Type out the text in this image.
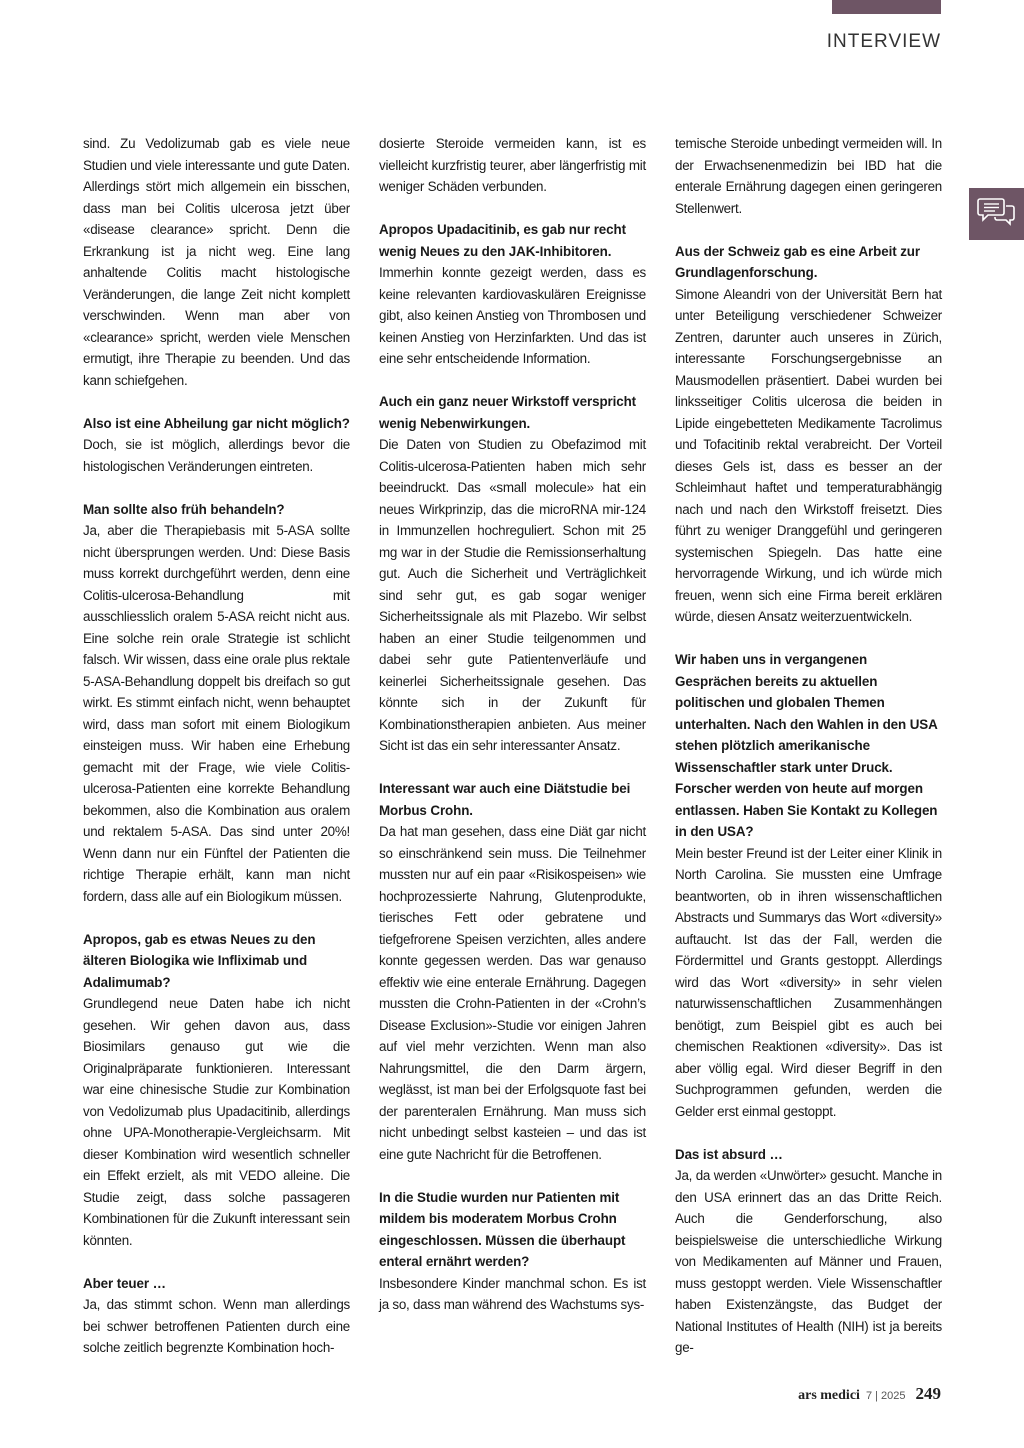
INTERVIEW

sind. Zu Vedolizumab gab es viele neue Studien und viele interessante und gute Daten. Allerdings stört mich allgemein ein bisschen, dass man bei Colitis ulcerosa jetzt über «disease clearance» spricht. Denn die Erkrankung ist ja nicht weg. Eine lang anhaltende Colitis macht histologische Veränderungen, die lange Zeit nicht komplett verschwinden. Wenn man aber von «clearance» spricht, werden viele Menschen ermutigt, ihre Therapie zu beenden. Und das kann schiefgehen.

Also ist eine Abheilung gar nicht möglich?

Doch, sie ist möglich, allerdings bevor die histologischen Veränderungen eintreten.

Man sollte also früh behandeln?

Ja, aber die Therapiebasis mit 5-ASA sollte nicht übersprungen werden. Und: Diese Basis muss korrekt durchgeführt werden, denn eine Colitis-ulcerosa-Behandlung mit ausschliesslich oralem 5-ASA reicht nicht aus. Eine solche rein orale Strategie ist schlicht falsch. Wir wissen, dass eine orale plus rektale 5-ASA-Behandlung doppelt bis dreifach so gut wirkt. Es stimmt einfach nicht, wenn behauptet wird, dass man sofort mit einem Biologikum einsteigen muss. Wir haben eine Erhebung gemacht mit der Frage, wie viele Colitis-ulcerosa-Patienten eine korrekte Behandlung bekommen, also die Kombination aus oralem und rektalem 5-ASA. Das sind unter 20%! Wenn dann nur ein Fünftel der Patienten die richtige Therapie erhält, kann man nicht fordern, dass alle auf ein Biologikum müssen.

Apropos, gab es etwas Neues zu den älteren Biologika wie Infliximab und Adalimumab?

Grundlegend neue Daten habe ich nicht gesehen. Wir gehen davon aus, dass Biosimilars genauso gut wie die Originalpräparate funktionieren. Interessant war eine chinesische Studie zur Kombination von Vedolizumab plus Upadacitinib, allerdings ohne UPA-Monotherapie-Vergleichsarm. Mit dieser Kombination wird wesentlich schneller ein Effekt erzielt, als mit VEDO alleine. Die Studie zeigt, dass solche passageren Kombinationen für die Zukunft interessant sein könnten.

Aber teuer …

Ja, das stimmt schon. Wenn man allerdings bei schwer betroffenen Patienten durch eine solche zeitlich begrenzte Kombination hoch-

dosierte Steroide vermeiden kann, ist es vielleicht kurzfristig teurer, aber längerfristig mit weniger Schäden verbunden.

Apropos Upadacitinib, es gab nur recht wenig Neues zu den JAK-Inhibitoren.

Immerhin konnte gezeigt werden, dass es keine relevanten kardiovaskulären Ereignisse gibt, also keinen Anstieg von Thrombosen und keinen Anstieg von Herzinfarkten. Und das ist eine sehr entscheidende Information.

Auch ein ganz neuer Wirkstoff verspricht wenig Nebenwirkungen.

Die Daten von Studien zu Obefazimod mit Colitis-ulcerosa-Patienten haben mich sehr beeindruckt. Das «small molecule» hat ein neues Wirkprinzip, das die microRNA mir-124 in Immunzellen hochreguliert. Schon mit 25 mg war in der Studie die Remissionserhaltung gut. Auch die Sicherheit und Verträglichkeit sind sehr gut, es gab sogar weniger Sicherheitssignale als mit Plazebo. Wir selbst haben an einer Studie teilgenommen und dabei sehr gute Patientenverläufe und keinerlei Sicherheitssignale gesehen. Das könnte sich in der Zukunft für Kombinationstherapien anbieten. Aus meiner Sicht ist das ein sehr interessanter Ansatz.

Interessant war auch eine Diätstudie bei Morbus Crohn.

Da hat man gesehen, dass eine Diät gar nicht so einschränkend sein muss. Die Teilnehmer mussten nur auf ein paar «Risikospeisen» wie hochprozessierte Nahrung, Glutenprodukte, tierisches Fett oder gebratene und tiefgefrorene Speisen verzichten, alles andere konnte gegessen werden. Das war genauso effektiv wie eine enterale Ernährung. Dagegen mussten die Crohn-Patienten in der «Crohn’s Disease Exclusion»-Studie vor einigen Jahren auf viel mehr verzichten. Wenn man also Nahrungsmittel, die den Darm ärgern, weglässt, ist man bei der Erfolgsquote fast bei der parenteralen Ernährung. Man muss sich nicht unbedingt selbst kasteien – und das ist eine gute Nachricht für die Betroffenen.

In die Studie wurden nur Patienten mit mildem bis moderatem Morbus Crohn eingeschlossen. Müssen die überhaupt enteral ernährt werden?

Insbesondere Kinder manchmal schon. Es ist ja so, dass man während des Wachstums sys-

temische Steroide unbedingt vermeiden will. In der Erwachsenenmedizin bei IBD hat die enterale Ernährung dagegen einen geringeren Stellenwert.

Aus der Schweiz gab es eine Arbeit zur Grundlagenforschung.

Simone Aleandri von der Universität Bern hat unter Beteiligung verschiedener Schweizer Zentren, darunter auch unseres in Zürich, interessante Forschungsergebnisse an Mausmodellen präsentiert. Dabei wurden bei linksseitiger Colitis ulcerosa die beiden in Lipide eingebetteten Medikamente Tacrolimus und Tofacitinib rektal verabreicht. Der Vorteil dieses Gels ist, dass es besser an der Schleimhaut haftet und temperaturabhängig nach und nach den Wirkstoff freisetzt. Dies führt zu weniger Dranggefühl und geringeren systemischen Spiegeln. Das hatte eine hervorragende Wirkung, und ich würde mich freuen, wenn sich eine Firma bereit erklären würde, diesen Ansatz weiterzuentwickeln.

Wir haben uns in vergangenen Gesprächen bereits zu aktuellen politischen und globalen Themen unterhalten. Nach den Wahlen in den USA stehen plötzlich amerikanische Wissenschaftler stark unter Druck. Forscher werden von heute auf morgen entlassen. Haben Sie Kontakt zu Kollegen in den USA?

Mein bester Freund ist der Leiter einer Klinik in North Carolina. Sie mussten eine Umfrage beantworten, ob in ihren wissenschaftlichen Abstracts und Summarys das Wort «diversity» auftaucht. Ist das der Fall, werden die Fördermittel und Grants gestoppt. Allerdings wird das Wort «diversity» in sehr vielen naturwissenschaftlichen Zusammenhängen benötigt, zum Beispiel gibt es auch bei chemischen Reaktionen «diversity». Das ist aber völlig egal. Wird dieser Begriff in den Suchprogrammen gefunden, werden die Gelder erst einmal gestoppt.

Das ist absurd …

Ja, da werden «Unwörter» gesucht. Manche in den USA erinnert das an das Dritte Reich. Auch die Genderforschung, also beispielsweise die unterschiedliche Wirkung von Medikamenten auf Männer und Frauen, muss gestoppt werden. Viele Wissenschaftler haben Existenzängste, das Budget der National Institutes of Health (NIH) ist ja bereits ge-

ars medici 7 | 2025 249
